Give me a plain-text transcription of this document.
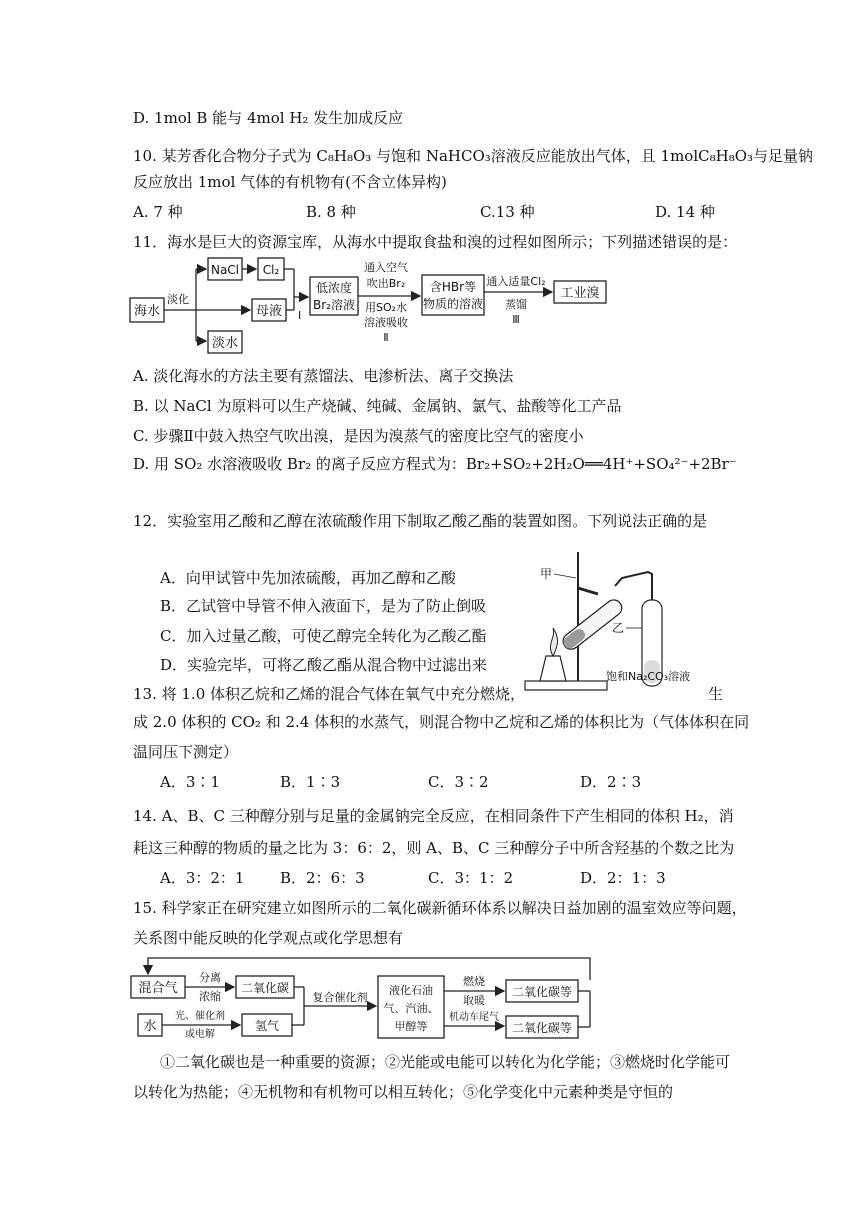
D. 1mol B 能与 4mol H₂ 发生加成反应
10. 某芳香化合物分子式为 C₈H₈O₃ 与饱和 NaHCO₃溶液反应能放出气体，且 1molC₈H₈O₃与足量钠
反应放出 1mol 气体的有机物有(不含立体异构)
A. 7 种	B. 8 种	C.13 种	D. 14 种
11．海水是巨大的资源宝库，从海水中提取食盐和溴的过程如图所示；下列描述错误的是：
海水
淡化
NaCl Cl₂
母液 I
淡水
低浓度
Br₂溶液
通入空气
吹出Br₂
用SO₂水
溶液吸收
Ⅱ
含HBr等
物质的溶液
通入适量Cl₂
蒸馏
Ⅲ
工业溴
A. 淡化海水的方法主要有蒸馏法、电渗析法、离子交换法
B. 以 NaCl 为原料可以生产烧碱、纯碱、金属钠、氯气、盐酸等化工产品
C. 步骤Ⅱ中鼓入热空气吹出溴，是因为溴蒸气的密度比空气的密度小
D. 用 SO₂ 水溶液吸收 Br₂ 的离子反应方程式为：Br₂+SO₂+2H₂O══4H⁺+SO₄²⁻+2Br⁻
12．实验室用乙酸和乙醇在浓硫酸作用下制取乙酸乙酯的装置如图。下列说法正确的是
A．向甲试管中先加浓硫酸，再加乙醇和乙酸
B．乙试管中导管不伸入液面下，是为了防止倒吸
C．加入过量乙酸，可使乙醇完全转化为乙酸乙酯
D．实验完毕，可将乙酸乙酯从混合物中过滤出来
甲
乙
饱和Na₂CO₃溶液
13. 将 1.0 体积乙烷和乙烯的混合气体在氧气中充分燃烧，	生
成 2.0 体积的 CO₂ 和 2.4 体积的水蒸气，则混合物中乙烷和乙烯的体积比为（气体体积在同
温同压下测定）
A．3∶1	B．1∶3	C．3∶2	D．2∶3
14. A、B、C 三种醇分别与足量的金属钠完全反应，在相同条件下产生相同的体积 H₂，消
耗这三种醇的物质的量之比为 3：6：2，则 A、B、C 三种醇分子中所含羟基的个数之比为
A．3：2：1	B．2：6：3	C．3：1：2	D．2：1：3
15. 科学家正在研究建立如图所示的二氧化碳新循环体系以解决日益加剧的温室效应等问题，
关系图中能反映的化学观点或化学思想有
混合气
分离
浓缩
二氧化碳
水
光、催化剂
或电解
氢气
复合催化剂
液化石油
气、汽油、
甲醇等
燃烧
取暖
机动车尾气
二氧化碳等
二氧化碳等
①二氧化碳也是一种重要的资源；②光能或电能可以转化为化学能；③燃烧时化学能可
以转化为热能；④无机物和有机物可以相互转化；⑤化学变化中元素种类是守恒的
